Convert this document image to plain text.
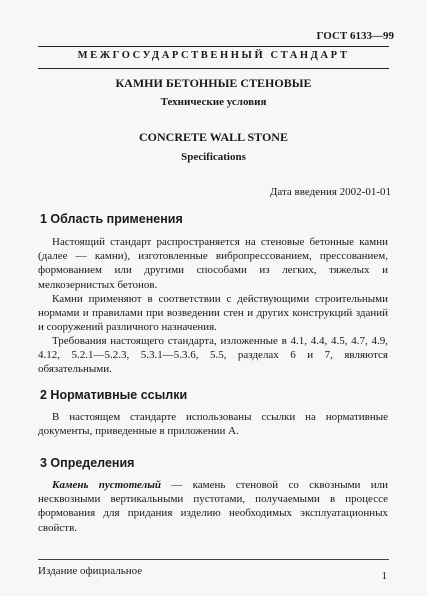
ГОСТ 6133—99
МЕЖГОСУДАРСТВЕННЫЙ СТАНДАРТ
КАМНИ БЕТОННЫЕ СТЕНОВЫЕ
Технические условия
CONCRETE WALL STONE
Specifications
Дата введения 2002-01-01
1 Область применения
Настоящий стандарт распространяется на стеновые бетонные камни (далее — камни), изготовленные вибропрессованием, прессованием, формованием или другими способами из легких, тяжелых и мелкозернистых бетонов.
Камни применяют в соответствии с действующими строительными нормами и правилами при возведении стен и других конструкций зданий и сооружений различного назначения.
Требования настоящего стандарта, изложенные в 4.1, 4.4, 4.5, 4.7, 4.9, 4.12, 5.2.1—5.2.3, 5.3.1—5.3.6, 5.5, разделах 6 и 7, являются обязательными.
2 Нормативные ссылки
В настоящем стандарте использованы ссылки на нормативные документы, приведенные в приложении А.
3 Определения
Камень пустотелый — камень стеновой со сквозными или несквозными вертикальными пустотами, получаемыми в процессе формования для придания изделию необходимых эксплуатационных свойств.
Издание официальное	1
